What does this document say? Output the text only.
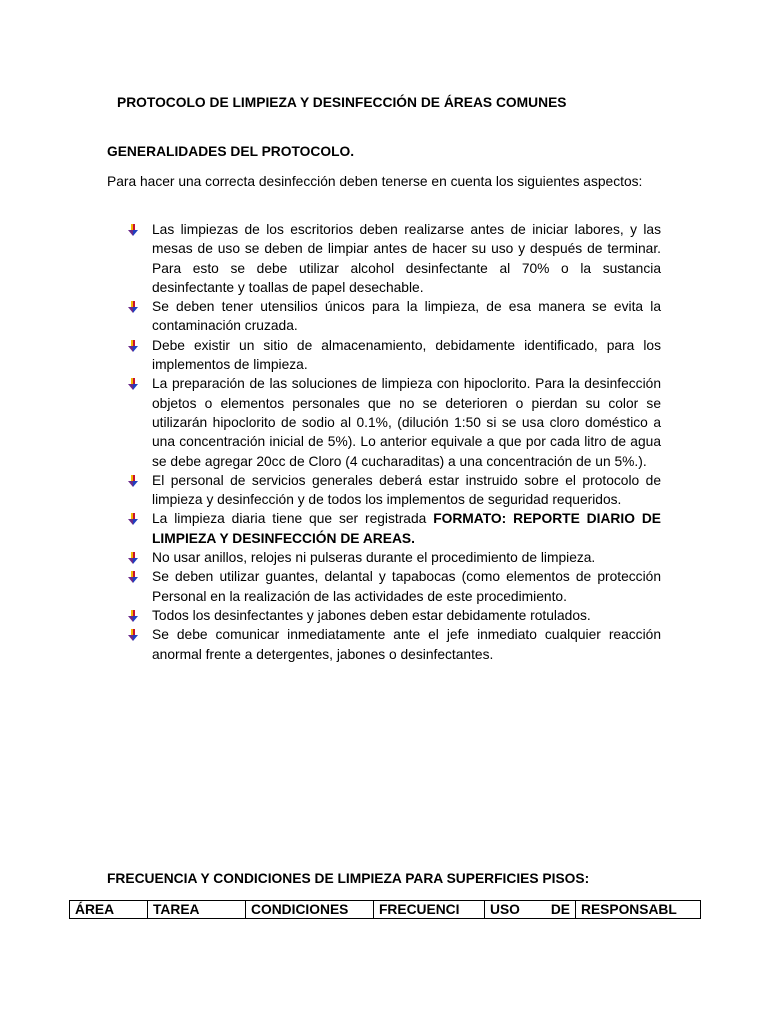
PROTOCOLO DE LIMPIEZA Y DESINFECCIÓN DE ÁREAS COMUNES
GENERALIDADES DEL PROTOCOLO.

Para hacer una correcta desinfección deben tenerse en cuenta los siguientes aspectos:

Las limpiezas de los escritorios deben realizarse antes de iniciar labores, y las mesas de uso se deben de limpiar antes de hacer su uso y después de terminar. Para esto se debe utilizar alcohol desinfectante al 70% o la sustancia desinfectante y toallas de papel desechable.
Se deben tener utensilios únicos para la limpieza, de esa manera se evita la contaminación cruzada.
Debe existir un sitio de almacenamiento, debidamente identificado, para los implementos de limpieza.
La preparación de las soluciones de limpieza con hipoclorito. Para la desinfección objetos o elementos personales que no se deterioren o pierdan su color se utilizarán hipoclorito de sodio al 0.1%, (dilución 1:50 si se usa cloro doméstico a una concentración inicial de 5%). Lo anterior equivale a que por cada litro de agua se debe agregar 20cc de Cloro (4 cucharaditas) a una concentración de un 5%.).
El personal de servicios generales deberá estar instruido sobre el protocolo de limpieza y desinfección y de todos los implementos de seguridad requeridos.
La limpieza diaria tiene que ser registrada FORMATO: REPORTE DIARIO DE LIMPIEZA Y DESINFECCIÓN DE AREAS.
No usar anillos, relojes ni pulseras durante el procedimiento de limpieza.
Se deben utilizar guantes, delantal y tapabocas (como elementos de protección Personal en la realización de las actividades de este procedimiento.
Todos los desinfectantes y jabones deben estar debidamente rotulados.
Se debe comunicar inmediatamente ante el jefe inmediato cualquier reacción anormal frente a detergentes, jabones o desinfectantes.
FRECUENCIA Y CONDICIONES DE LIMPIEZA PARA SUPERFICIES PISOS:
ÁREA	TAREA	CONDICIONES	FRECUENCI	USO DE	RESPONSABL
